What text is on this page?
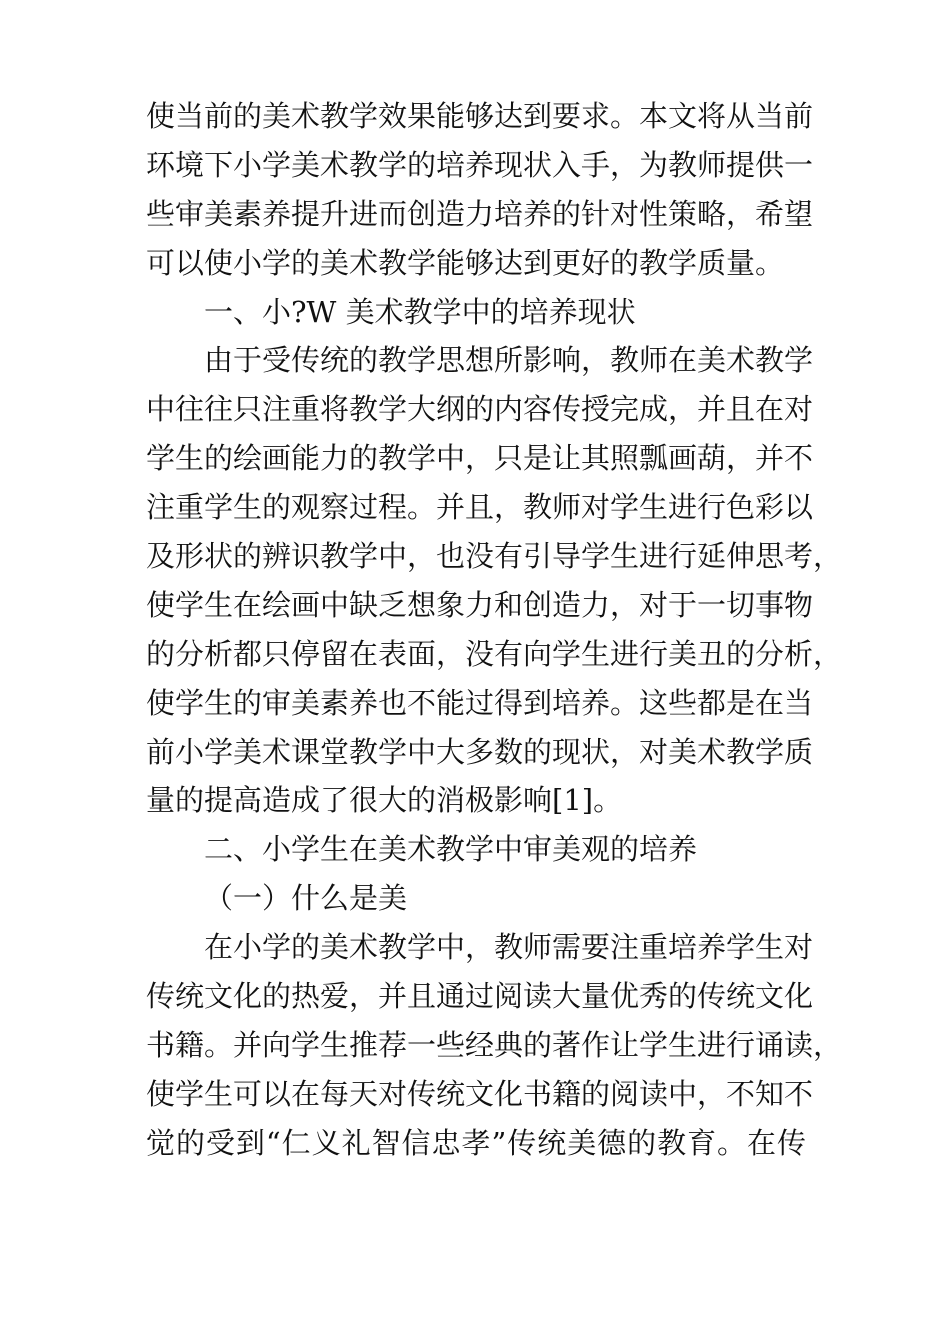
使当前的美术教学效果能够达到要求。本文将从当前
环境下小学美术教学的培养现状入手，为教师提供一
些审美素养提升进而创造力培养的针对性策略，希望
可以使小学的美术教学能够达到更好的教学质量。
一、小?W 美术教学中的培养现状
由于受传统的教学思想所影响，教师在美术教学
中往往只注重将教学大纲的内容传授完成，并且在对
学生的绘画能力的教学中，只是让其照瓢画葫，并不
注重学生的观察过程。并且，教师对学生进行色彩以
及形状的辨识教学中，也没有引导学生进行延伸思考，
使学生在绘画中缺乏想象力和创造力，对于一切事物
的分析都只停留在表面，没有向学生进行美丑的分析，
使学生的审美素养也不能过得到培养。这些都是在当
前小学美术课堂教学中大多数的现状，对美术教学质
量的提高造成了很大的消极影响[1]。
二、小学生在美术教学中审美观的培养
（一）什么是美
在小学的美术教学中，教师需要注重培养学生对
传统文化的热爱，并且通过阅读大量优秀的传统文化
书籍。并向学生推荐一些经典的著作让学生进行诵读，
使学生可以在每天对传统文化书籍的阅读中，不知不
觉的受到“仁义礼智信忠孝”传统美德的教育。在传
